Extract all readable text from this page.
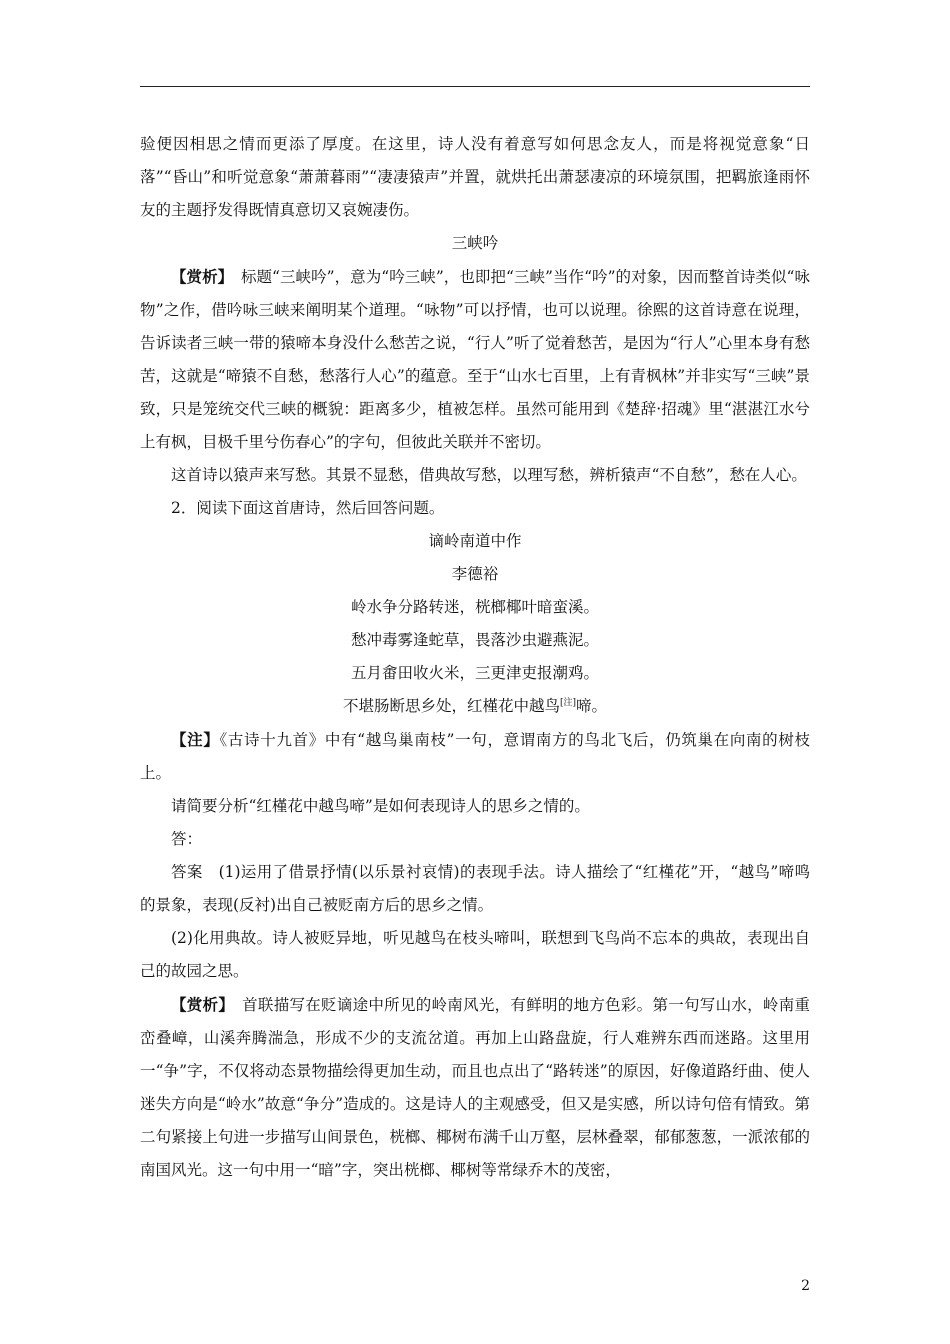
验便因相思之情而更添了厚度。在这里，诗人没有着意写如何思念友人，而是将视觉意象“日落”“昏山”和听觉意象“萧萧暮雨”“凄凄猿声”并置，就烘托出萧瑟凄凉的环境氛围，把羁旅逢雨怀友的主题抒发得既情真意切又哀婉凄伤。

三峡吟

【赏析】  标题“三峡吟”，意为“吟三峡”，也即把“三峡”当作“吟”的对象，因而整首诗类似“咏物”之作，借吟咏三峡来阐明某个道理。“咏物”可以抒情，也可以说理。徐熙的这首诗意在说理，告诉读者三峡一带的猿啼本身没什么愁苦之说，“行人”听了觉着愁苦，是因为“行人”心里本身有愁苦，这就是“啼猿不自愁，愁落行人心”的蕴意。至于“山水七百里，上有青枫林”并非实写“三峡”景致，只是笼统交代三峡的概貌：距离多少，植被怎样。虽然可能用到《楚辞·招魂》里“湛湛江水兮上有枫，目极千里兮伤春心”的字句，但彼此关联并不密切。

这首诗以猿声来写愁。其景不显愁，借典故写愁，以理写愁，辨析猿声“不自愁”，愁在人心。

2．阅读下面这首唐诗，然后回答问题。

谪岭南道中作

李德裕

岭水争分路转迷，桄榔椰叶暗蛮溪。

愁冲毒雾逢蛇草，畏落沙虫避燕泥。

五月畬田收火米，三更津吏报潮鸡。

不堪肠断思乡处，红槿花中越鸟[注]啼。

【注】《古诗十九首》中有“越鸟巢南枝”一句，意谓南方的鸟北飞后，仍筑巢在向南的树枝上。

请简要分析“红槿花中越鸟啼”是如何表现诗人的思乡之情的。

答：

答案　(1)运用了借景抒情(以乐景衬哀情)的表现手法。诗人描绘了“红槿花”开，“越鸟”啼鸣的景象，表现(反衬)出自己被贬南方后的思乡之情。

(2)化用典故。诗人被贬异地，听见越鸟在枝头啼叫，联想到飞鸟尚不忘本的典故，表现出自己的故园之思。

【赏析】  首联描写在贬谪途中所见的岭南风光，有鲜明的地方色彩。第一句写山水，岭南重峦叠嶂，山溪奔腾湍急，形成不少的支流岔道。再加上山路盘旋，行人难辨东西而迷路。这里用一“争”字，不仅将动态景物描绘得更加生动，而且也点出了“路转迷”的原因，好像道路纡曲、使人迷失方向是“岭水”故意“争分”造成的。这是诗人的主观感受，但又是实感，所以诗句倍有情致。第二句紧接上句进一步描写山间景色，桄榔、椰树布满千山万壑，层林叠翠，郁郁葱葱，一派浓郁的南国风光。这一句中用一“暗”字，突出桄榔、椰树等常绿乔木的茂密，

2
